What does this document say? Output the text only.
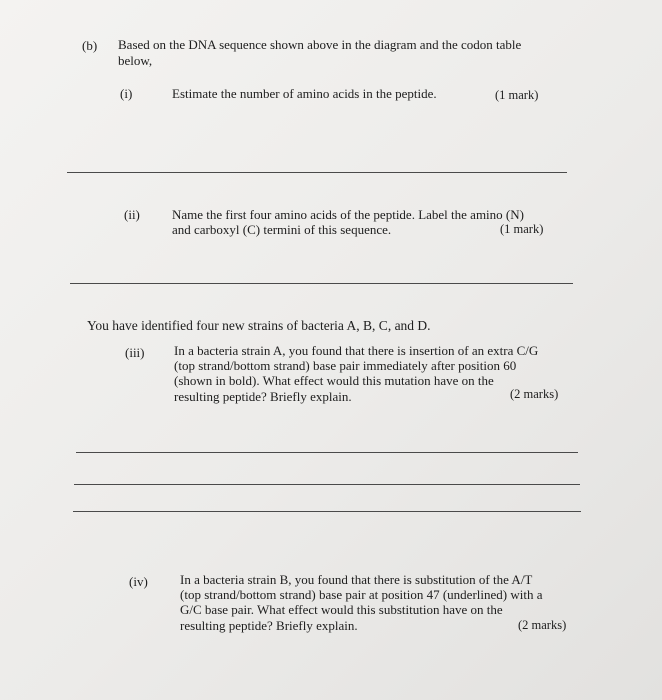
(b) Based on the DNA sequence shown above in the diagram and the codon table
below,
(i)	Estimate the number of amino acids in the peptide.	(1 mark)
(ii) Name the first four amino acids of the peptide. Label the amino (N)
and carboxyl (C) termini of this sequence.	(1 mark)
You have identified four new strains of bacteria A, B, C, and D.
(iii) In a bacteria strain A, you found that there is insertion of an extra C/G
(top strand/bottom strand) base pair immediately after position 60
(shown in bold). What effect would this mutation have on the
resulting peptide? Briefly explain.	(2 marks)
(iv) In a bacteria strain B, you found that there is substitution of the A/T
(top strand/bottom strand) base pair at position 47 (underlined) with a
G/C base pair. What effect would this substitution have on the
resulting peptide? Briefly explain.	(2 marks)
